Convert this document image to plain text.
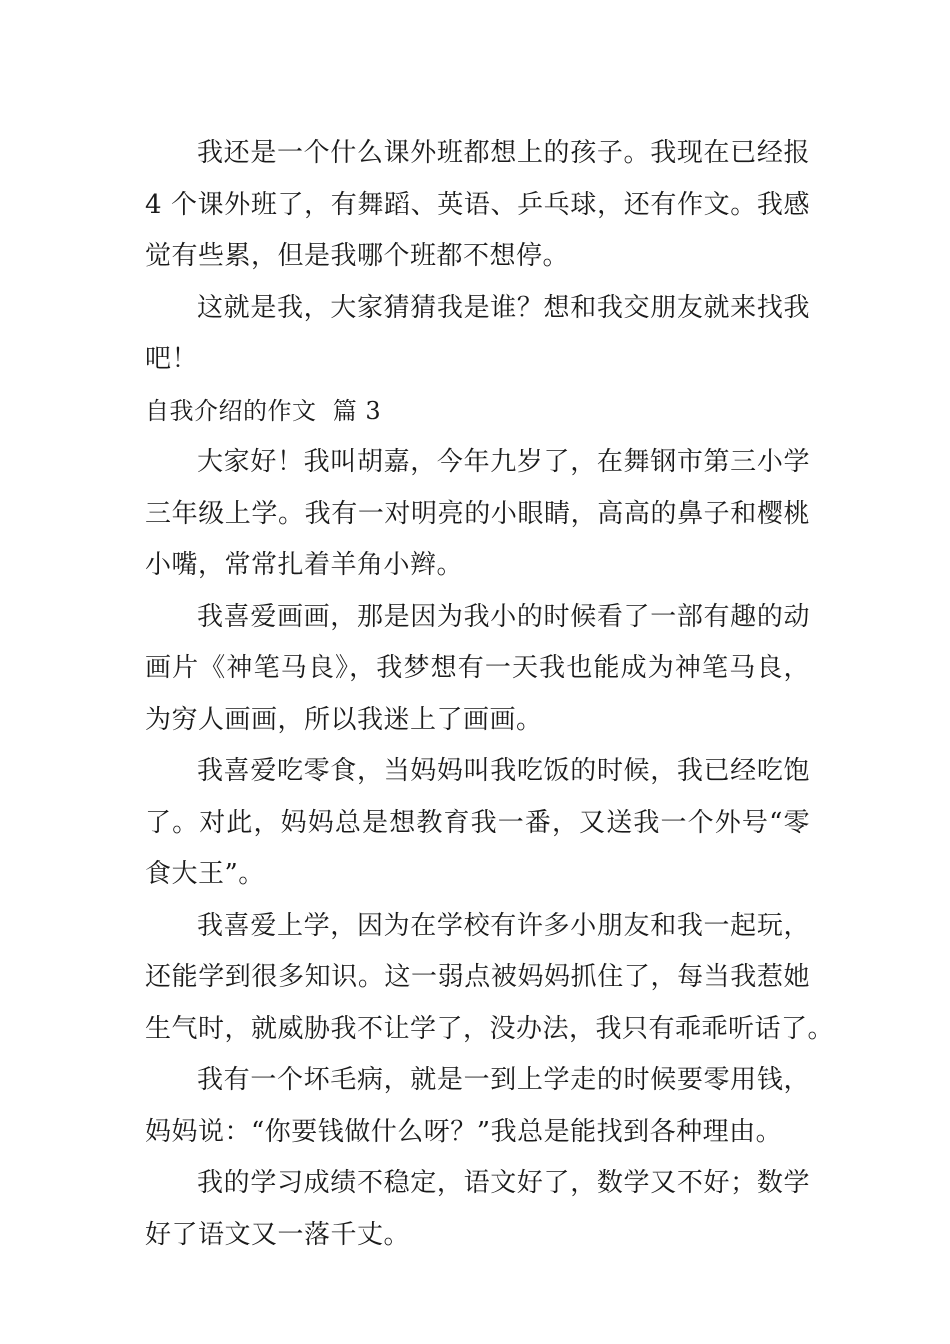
我还是一个什么课外班都想上的孩子。我现在已经报
4 个课外班了，有舞蹈、英语、乒乓球，还有作文。我感
觉有些累，但是我哪个班都不想停。

这就是我，大家猜猜我是谁？想和我交朋友就来找我
吧！

自我介绍的作文  篇 3

大家好！我叫胡嘉，今年九岁了，在舞钢市第三小学
三年级上学。我有一对明亮的小眼睛，高高的鼻子和樱桃
小嘴，常常扎着羊角小辫。

我喜爱画画，那是因为我小的时候看了一部有趣的动
画片《神笔马良》，我梦想有一天我也能成为神笔马良，
为穷人画画，所以我迷上了画画。

我喜爱吃零食，当妈妈叫我吃饭的时候，我已经吃饱
了。对此，妈妈总是想教育我一番，又送我一个外号“零
食大王”。

我喜爱上学，因为在学校有许多小朋友和我一起玩，
还能学到很多知识。这一弱点被妈妈抓住了，每当我惹她
生气时，就威胁我不让学了，没办法，我只有乖乖听话了。

我有一个坏毛病，就是一到上学走的时候要零用钱，
妈妈说：“你要钱做什么呀？”我总是能找到各种理由。

我的学习成绩不稳定，语文好了，数学又不好；数学
好了语文又一落千丈。
